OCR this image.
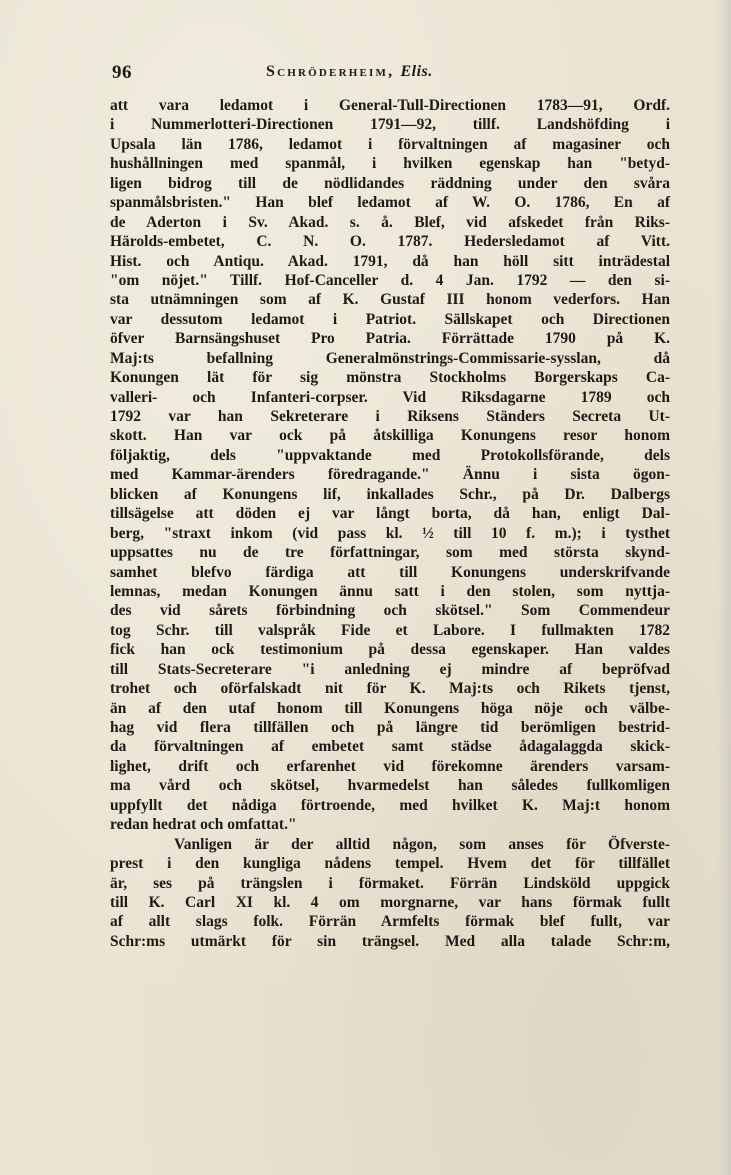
96	Schröderheim, Elis.
att vara ledamot i General-Tull-Directionen 1783—91, Ordf.
i Nummerlotteri-Directionen 1791—92, tillf. Landshöfding i
Upsala län 1786, ledamot i förvaltningen af magasiner och
hushållningen med spanmål, i hvilken egenskap han "betyd-
ligen bidrog till de nödlidandes räddning under den svåra
spanmålsbristen." Han blef ledamot af W. O. 1786, En af
de Aderton i Sv. Akad. s. å. Blef, vid afskedet från Riks-
Härolds-embetet, C. N. O. 1787. Hedersledamot af Vitt.
Hist. och Antiqu. Akad. 1791, då han höll sitt inträdestal
"om nöjet." Tillf. Hof-Canceller d. 4 Jan. 1792 — den si-
sta utnämningen som af K. Gustaf III honom vederfors. Han
var dessutom ledamot i Patriot. Sällskapet och Directionen
öfver Barnsängshuset Pro Patria. Förrättade 1790 på K.
Maj:ts befallning Generalmönstrings-Commissarie-sysslan, då
Konungen lät för sig mönstra Stockholms Borgerskaps Ca-
valleri- och Infanteri-corpser. Vid Riksdagarne 1789 och
1792 var han Sekreterare i Riksens Ständers Secreta Ut-
skott. Han var ock på åtskilliga Konungens resor honom
följaktig, dels "uppvaktande med Protokollsförande, dels
med Kammar-ärenders föredragande." Ännu i sista ögon-
blicken af Konungens lif, inkallades Schr., på Dr. Dalbergs
tillsägelse att döden ej var långt borta, då han, enligt Dal-
berg, "straxt inkom (vid pass kl. ½ till 10 f. m.); i tysthet
uppsattes nu de tre författningar, som med största skynd-
samhet blefvo färdiga att till Konungens underskrifvande
lemnas, medan Konungen ännu satt i den stolen, som nyttja-
des vid sårets förbindning och skötsel." Som Commendeur
tog Schr. till valspråk Fide et Labore. I fullmakten 1782
fick han ock testimonium på dessa egenskaper. Han valdes
till Stats-Secreterare "i anledning ej mindre af bepröfvad
trohet och oförfalskadt nit för K. Maj:ts och Rikets tjenst,
än af den utaf honom till Konungens höga nöje och välbe-
hag vid flera tillfällen och på längre tid berömligen bestrid-
da förvaltningen af embetet samt städse ådagalaggda skick-
lighet, drift och erfarenhet vid förekomne ärenders varsam-
ma vård och skötsel, hvarmedelst han således fullkomligen
uppfyllt det nådiga förtroende, med hvilket K. Maj:t honom
redan hedrat och omfattat."
Vanligen är der alltid någon, som anses för Öfverste-
prest i den kungliga nådens tempel. Hvem det för tillfället
är, ses på trängslen i förmaket. Förrän Lindsköld uppgick
till K. Carl XI kl. 4 om morgnarne, var hans förmak fullt
af allt slags folk. Förrän Armfelts förmak blef fullt, var
Schr:ms utmärkt för sin trängsel. Med alla talade Schr:m,
